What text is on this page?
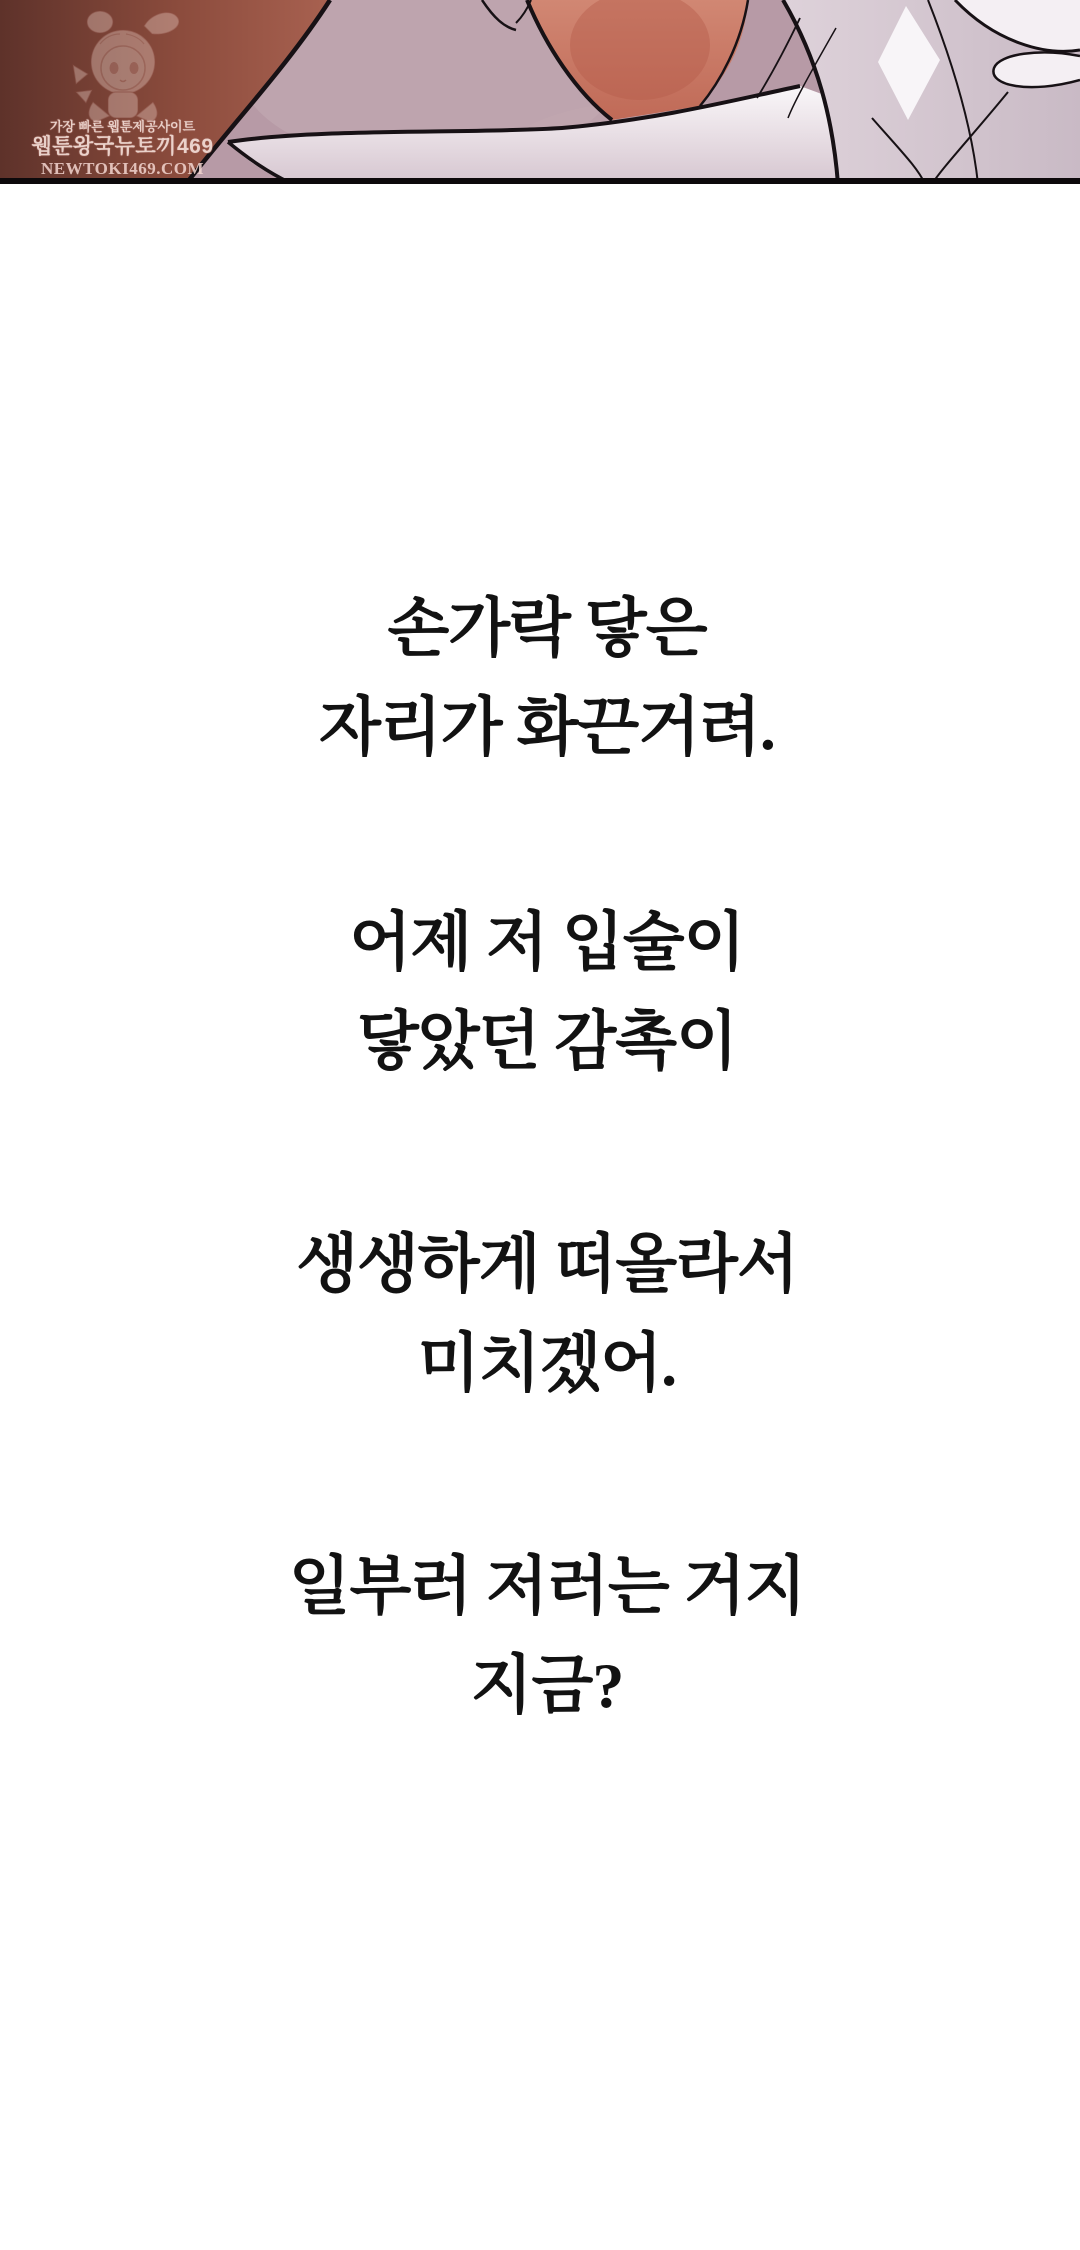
가장 빠른 웹툰제공사이트
웹툰왕국뉴토끼469
NEWTOKI469.COM

손가락 닿은
자리가 화끈거려.

어제 저 입술이
닿았던 감촉이

생생하게 떠올라서
미치겠어.

일부러 저러는 거지
지금?
